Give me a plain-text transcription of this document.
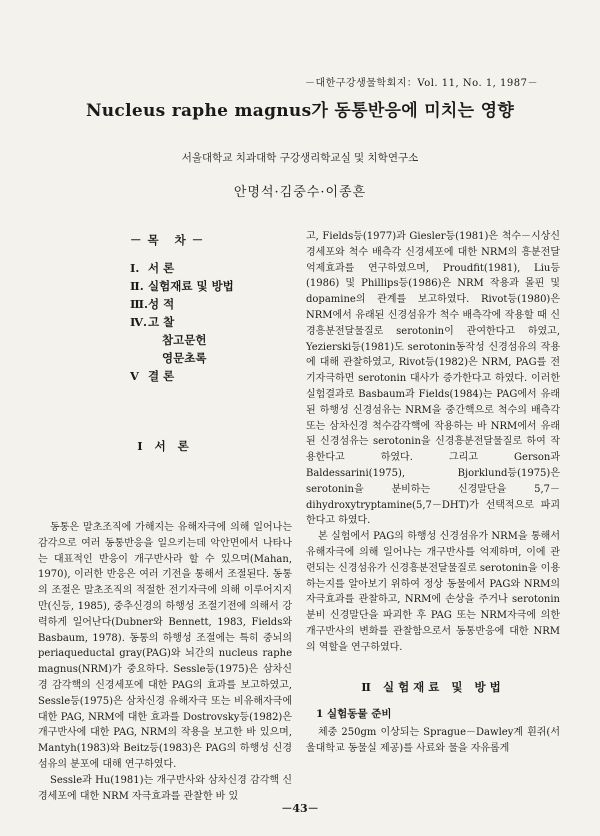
－대한구강생물학회지：Vol. 11, No. 1, 1987－
Nucleus raphe magnus가 동통반응에 미치는 영향
서울대학교 치과대학 구강생리학교실 및 치학연구소
안명석·김중수·이종흔
－목 차－
I. 서 론
Ⅱ. 실험재료 및 방법
Ⅲ. 성 적
Ⅳ. 고 찰
참고문헌
영문초록
V 결 론
I 서 론

동통은 말초조직에 가해지는 유해자극에 의해 일어나는 감각으로 여러 동통반응을 일으키는데 악안면에서 나타나는 대표적인 반응이 개구반사라 할 수 있으며(Mahan, 1970), 이러한 반응은 여러 기전을 통해서 조절된다. 동통의 조절은 말초조직의 적절한 전기자극에 의해 이루어지지만(신등, 1985), 중추신경의 하행성 조절기전에 의해서 강력하게 일어난다(Dubner와 Bennett, 1983, Fields와 Basbaum, 1978). 동통의 하행성 조절에는 특히 중뇌의 periaqueductal gray(PAG)와 뇌간의 nucleus raphe magnus(NRM)가 중요하다. Sessle등(1975)은 삼차신경 감각핵의 신경세포에 대한 PAG의 효과를 보고하였고, Sessle등(1975)은 삼차신경 유해자극 또는 비유해자극에 대한 PAG, NRM에 대한 효과를 Dostrovsky등(1982)은 개구반사에 대한 PAG, NRM의 작용을 보고한 바 있으며, Mantyh(1983)와 Beitz등(1983)은 PAG의 하행성 신경섬유의 분포에 대해 연구하였다.

Sessle과 Hu(1981)는 개구반사와 삼차신경 감각핵 신경세포에 대한 NRM 자극효과를 관찰한 바 있

고, Fields등(1977)과 Giesler등(1981)은 척수－시상신경세포와 척수 배측각 신경세포에 대한 NRM의 흥분전달억제효과를 연구하였으며, Proudfit(1981), Liu등(1986) 및 Phillips등(1986)은 NRM 작용과 몰핀 및 dopamine의 관계를 보고하였다. Rivot등(1980)은 NRM에서 유래된 신경섬유가 척수 배측각에 작용할 때 신경흥분전달물질로 serotonin이 관여한다고 하였고, Yezierski등(1981)도 serotonin동작성 신경섬유의 작용에 대해 관찰하였고, Rivot등(1982)은 NRM, PAG를 전기자극하면 serotonin 대사가 증가한다고 하였다. 이러한 실험결과로 Basbaum과 Fields(1984)는 PAG에서 유래된 하행성 신경섬유는 NRM을 중간핵으로 척수의 배측각 또는 삼차신경 척수감각핵에 작용하는 바 NRM에서 유래된 신경섬유는 serotonin을 신경흥분전달물질로 하여 작용한다고 하였다. 그리고 Gerson과 Baldessarini(1975), Bjorklund등(1975)은 serotonin을 분비하는 신경말단을 5,7－dihydroxytryptamine(5,7－DHT)가 선택적으로 파괴한다고 하였다.

본 실험에서 PAG의 하행성 신경섬유가 NRM을 통해서 유해자극에 의해 일어나는 개구반사를 억제하며, 이에 관련되는 신경섬유가 신경흥분전달물질로 serotonin을 이용하는지를 알아보기 위하여 정상 동물에서 PAG와 NRM의 자극효과를 관찰하고, NRM에 손상을 주거나 serotonin분비 신경말단을 파괴한 후 PAG 또는 NRM자극에 의한 개구반사의 변화를 관찰함으로서 동통반응에 대한 NRM의 역할을 연구하였다.

Ⅱ 실험재료 및 방법
1 실험동물 준비

체중 250gm 이상되는 Sprague－Dawley계 흰쥐(서울대학교 동물실 제공)를 사료와 물을 자유롭게

－43－
